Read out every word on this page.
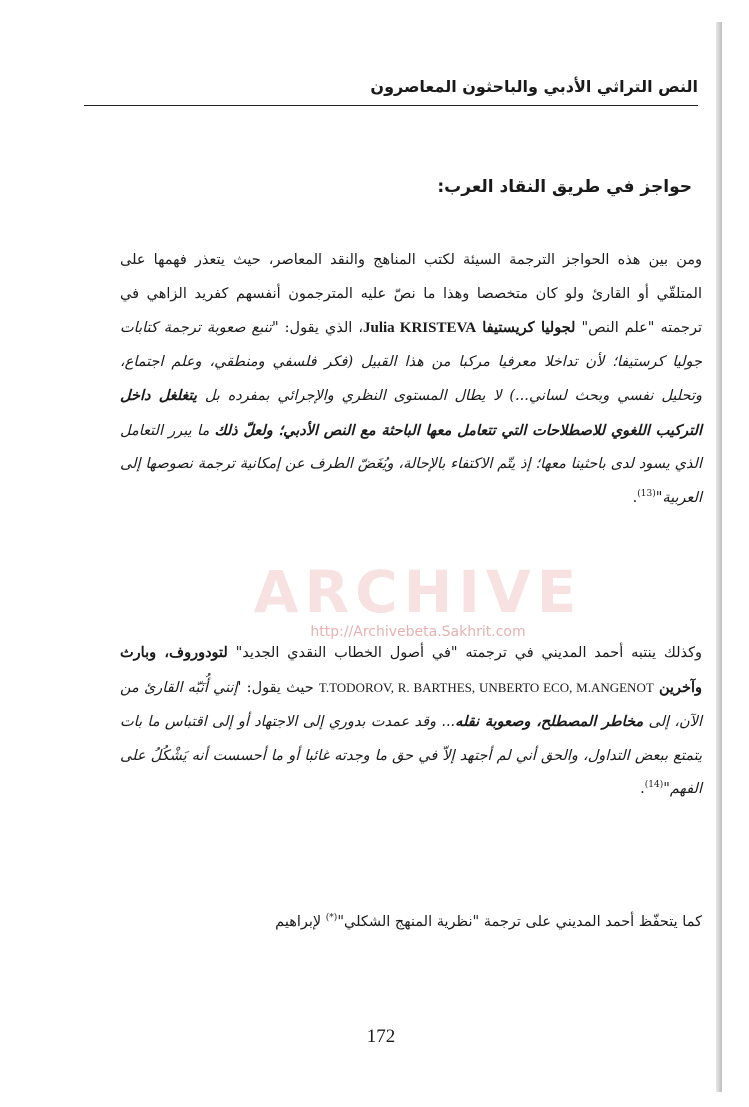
النص التراثي الأدبي والباحثون المعاصرون
حواجز في طريق النقاد العرب:

ومن بين هذه الحواجز الترجمة السيئة لكتب المناهج والنقد المعاصر، حيث يتعذر فهمها على المتلقّي أو القارئ ولو كان متخصصا وهذا ما نصّ عليه المترجمون أنفسهم كفريد الزاهي في ترجمته "علم النص" لجوليا كريستيفا Julia KRISTEVA، الذي يقول: "تنبع صعوبة ترجمة كتابات جوليا كرستيفا؛ لأن تداخلا معرفيا مركبا من هذا القبيل (فكر فلسفي ومنطقي، وعلم اجتماع، وتحليل نفسي وبحث لساني...) لا يطال المستوى النظري والإجرائي بمفرده بل يتغلغل داخل التركيب اللغوي للاصطلاحات التي تتعامل معها الباحثة مع النص الأدبي؛ ولعلّ ذلك ما يبرر التعامل الذي يسود لدى باحثينا معها؛ إذ يتّم الاكتفاء بالإحالة، ويُغَضّ الطرف عن إمكانية ترجمة نصوصها إلى العربية"$^{(13)}$.

وكذلك ينتبه أحمد المديني في ترجمته "في أصول الخطاب النقدي الجديد" لتودوروف، وبارث وآخرين T.TODOROV, R. BARTHES, UNBERTO ECO, M.ANGENOT حيث يقول: 'إنني أُنَبّه القارئ من الآن، إلى مخاطر المصطلح، وصعوبة نقله... وقد عمدت بدوري إلى الاجتهاد أو إلى اقتباس ما بات يتمتع ببعض التداول، والحق أني لم أجتهد إلاّ في حق ما وجدته غائبا أو ما أحسست أنه يَشْكُلُ على الفهم"$^{(14)}$.

كما يتحفّظ أحمد المديني على ترجمة "نظرية المنهج الشكلي"(*) لإبراهيم

ARCHIVE
http://Archivebeta.Sakhrit.com
172
